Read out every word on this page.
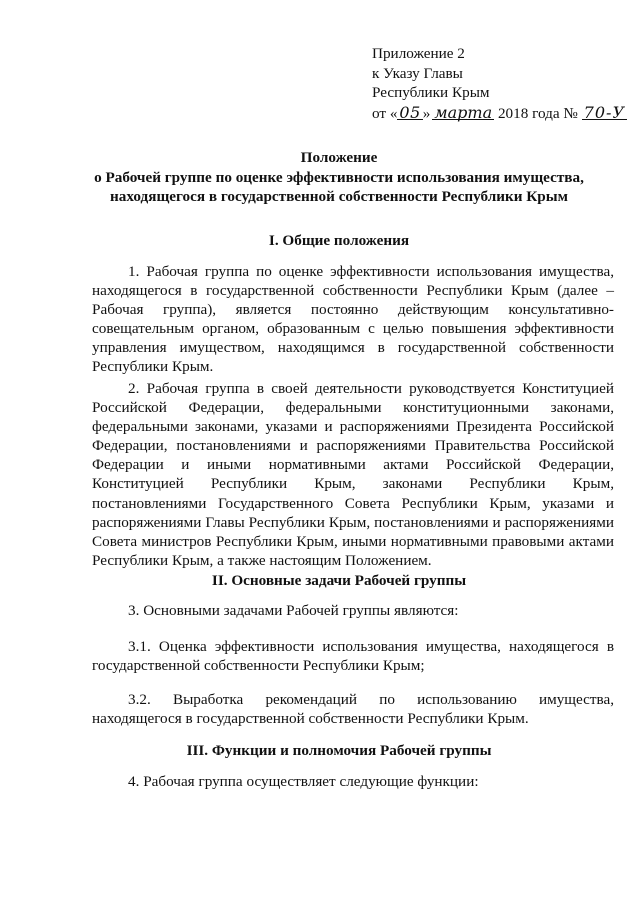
Приложение 2
к Указу Главы
Республики Крым
от « 05 » марта 2018 года № 70-У
Положение
о Рабочей группе по оценке эффективности использования имущества,
находящегося в государственной собственности Республики Крым
I. Общие положения
1. Рабочая группа по оценке эффективности использования имущества, находящегося в государственной собственности Республики Крым (далее – Рабочая группа), является постоянно действующим консультативно-совещательным органом, образованным с целью повышения эффективности управления имуществом, находящимся в государственной собственности Республики Крым.
2. Рабочая группа в своей деятельности руководствуется Конституцией Российской Федерации, федеральными конституционными законами, федеральными законами, указами и распоряжениями Президента Российской Федерации, постановлениями и распоряжениями Правительства Российской Федерации и иными нормативными актами Российской Федерации, Конституцией Республики Крым, законами Республики Крым, постановлениями Государственного Совета Республики Крым, указами и распоряжениями Главы Республики Крым, постановлениями и распоряжениями Совета министров Республики Крым, иными нормативными правовыми актами Республики Крым, а также настоящим Положением.
II. Основные задачи Рабочей группы
3. Основными задачами Рабочей группы являются:
3.1. Оценка эффективности использования имущества, находящегося в государственной собственности Республики Крым;
3.2. Выработка рекомендаций по использованию имущества, находящегося в государственной собственности Республики Крым.
III. Функции и полномочия Рабочей группы
4. Рабочая группа осуществляет следующие функции:
